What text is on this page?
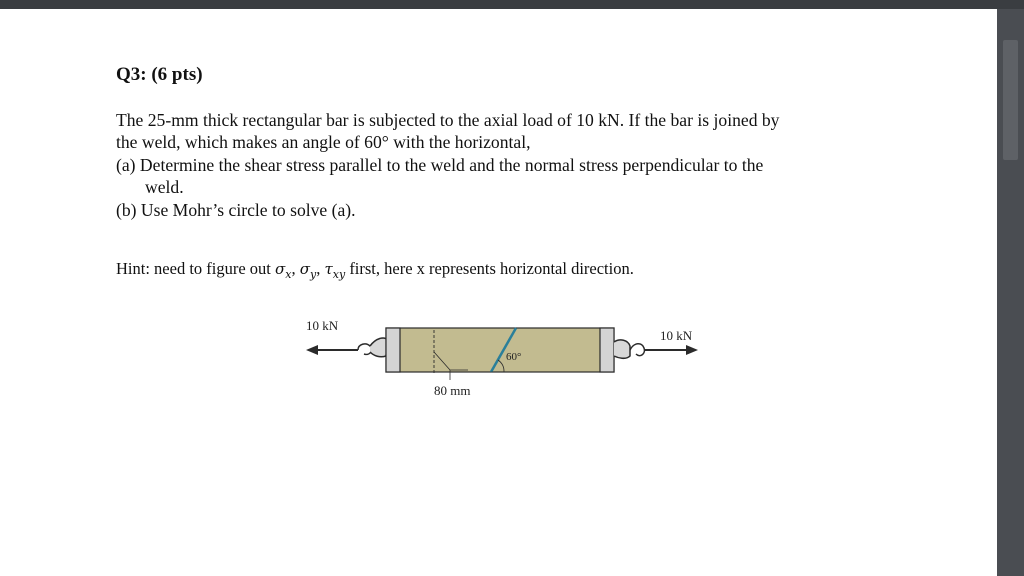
Q3: (6 pts)
The 25-mm thick rectangular bar is subjected to the axial load of 10 kN. If the bar is joined by
the weld, which makes an angle of 60° with the horizontal,
(a) Determine the shear stress parallel to the weld and the normal stress perpendicular to the
weld.
(b) Use Mohr’s circle to solve (a).
Hint: need to figure out $\sigma_x$, $\sigma_y$, $\tau_{xy}$ first, here x represents horizontal direction.
10 kN
80 mm
60°
10 kN
